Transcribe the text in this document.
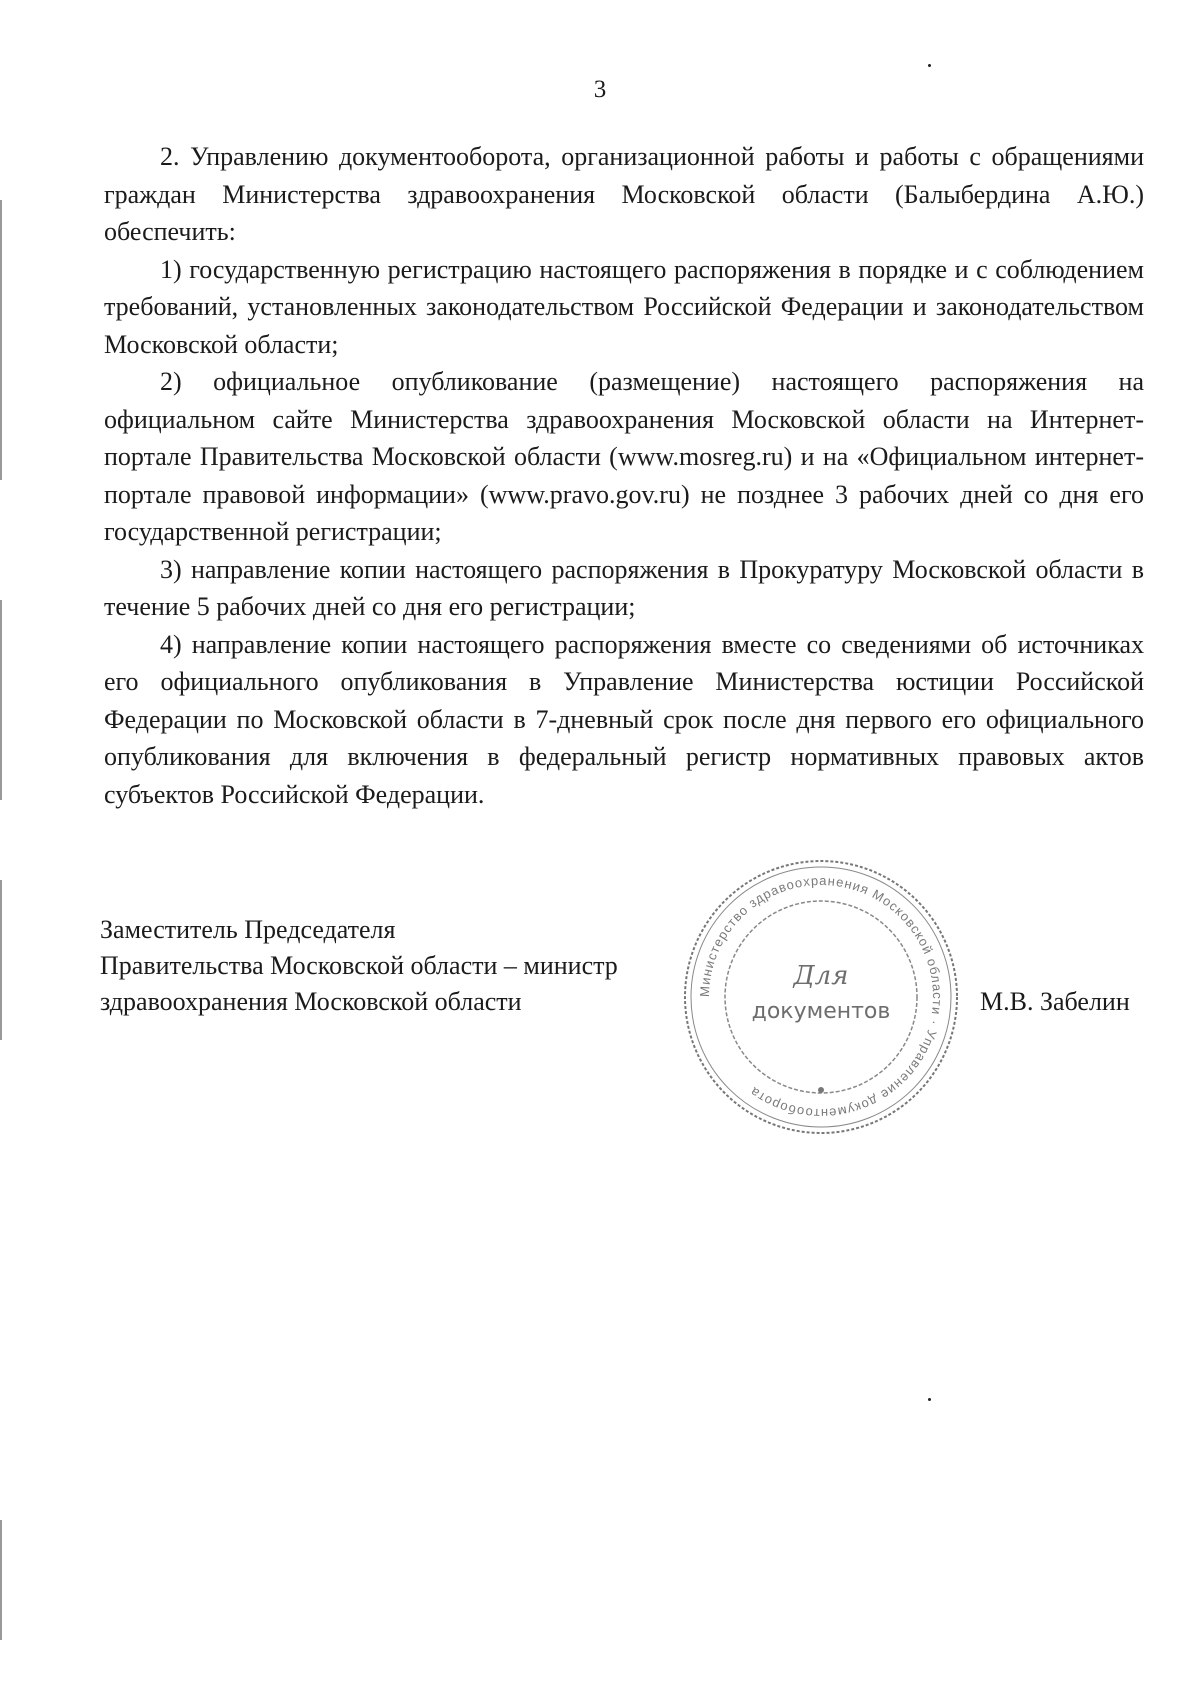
3

2. Управлению документооборота, организационной работы и работы с обращениями граждан Министерства здравоохранения Московской области (Балыбердина А.Ю.) обеспечить:

1) государственную регистрацию настоящего распоряжения в порядке и с соблюдением требований, установленных законодательством Российской Федерации и законодательством Московской области;

2) официальное опубликование (размещение) настоящего распоряжения на официальном сайте Министерства здравоохранения Московской области на Интернет-портале Правительства Московской области (www.mosreg.ru) и на «Официальном интернет-портале правовой информации» (www.pravo.gov.ru) не позднее 3 рабочих дней со дня его государственной регистрации;

3) направление копии настоящего распоряжения в Прокуратуру Московской области в течение 5 рабочих дней со дня его регистрации;

4) направление копии настоящего распоряжения вместе со сведениями об источниках его официального опубликования в Управление Министерства юстиции Российской Федерации по Московской области в 7-дневный срок после дня первого его официального опубликования для включения в федеральный регистр нормативных правовых актов субъектов Российской Федерации.

Заместитель Председателя
Правительства Московской области – министр
здравоохранения Московской области	М.В. Забелин
Министерство здравоохранения Московской области · Управление документооборота
Для
документов
